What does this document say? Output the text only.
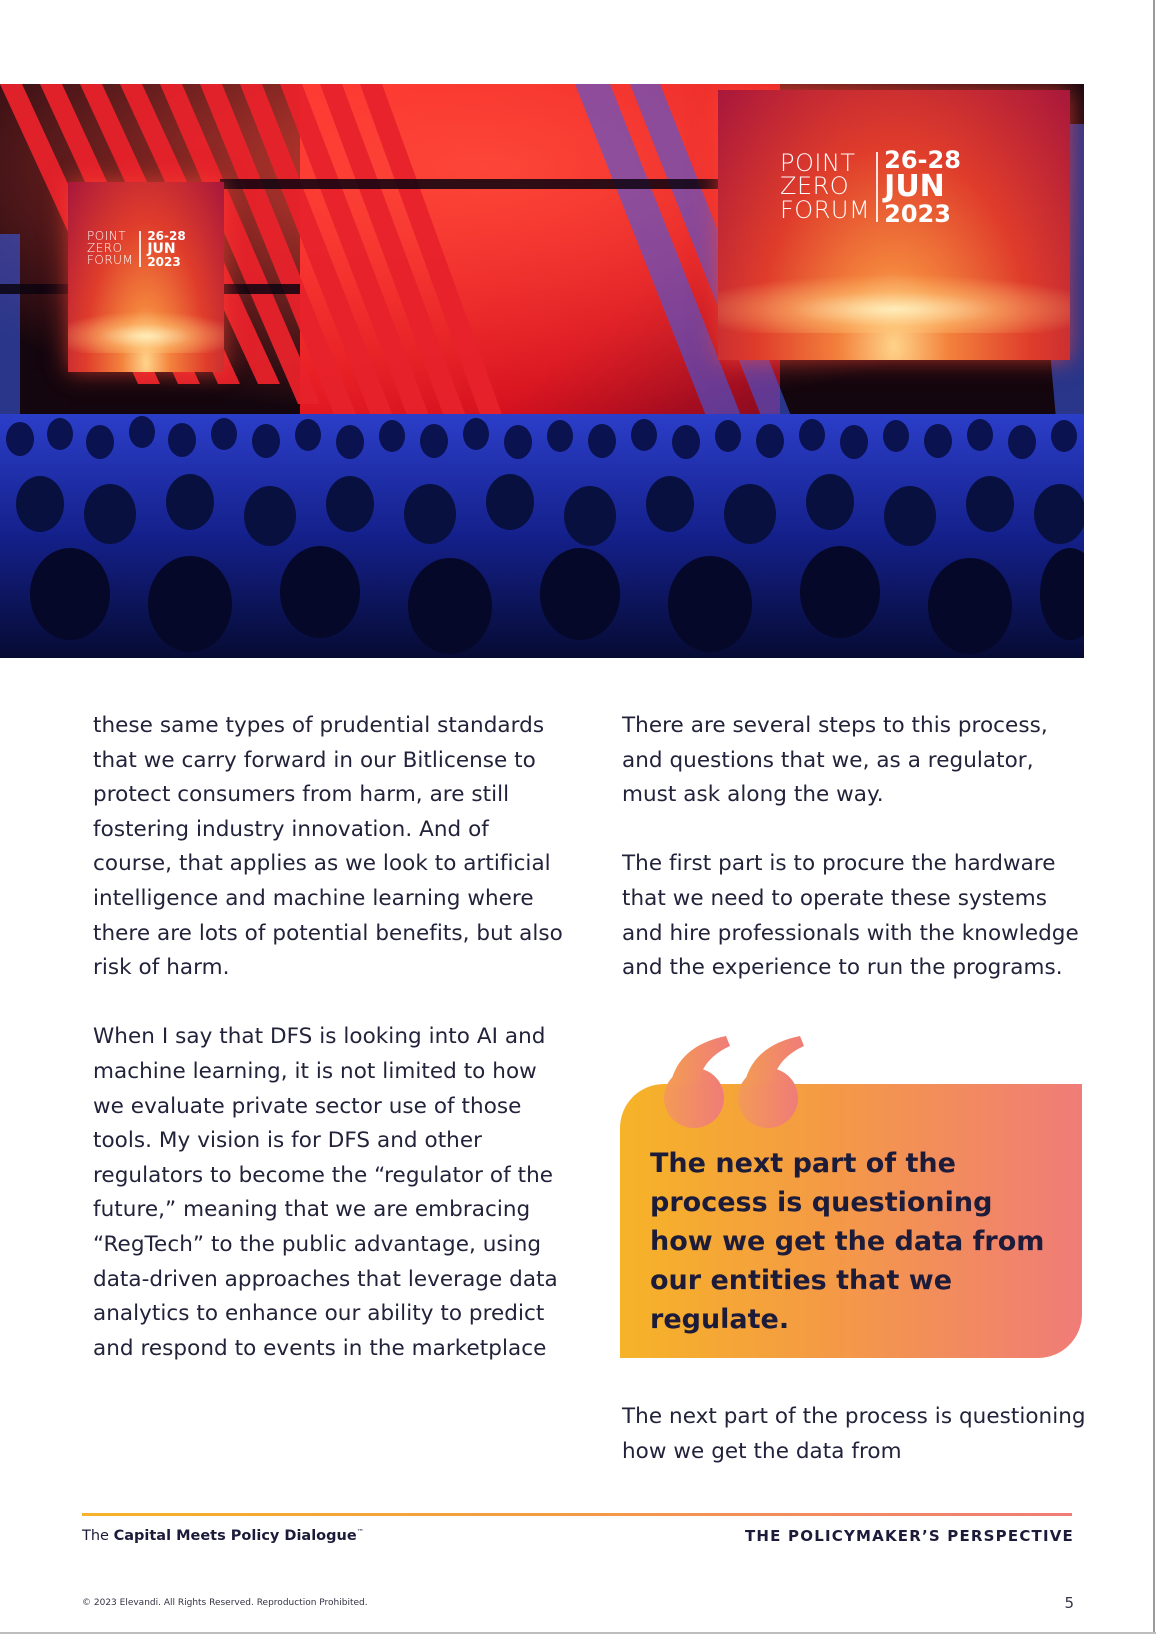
POINT
ZERO
FORUM
26-28
JUN
2023
POINT
ZERO
FORUM
26-28
JUN
2023

these same types of prudential standards that we carry forward in our Bitlicense to protect consumers from harm, are still fostering industry innovation. And of course, that applies as we look to artificial intelligence and machine learning where there are lots of potential benefits, but also risk of harm.

When I say that DFS is looking into AI and machine learning, it is not limited to how we evaluate private sector use of those tools. My vision is for DFS and other regulators to become the “regulator of the future,” meaning that we are embracing “RegTech” to the public advantage, using data-driven approaches that leverage data analytics to enhance our ability to predict and respond to events in the marketplace

There are several steps to this process, and questions that we, as a regulator, must ask along the way.

The first part is to procure the hardware that we need to operate these systems and hire professionals with the knowledge and the experience to run the programs.

The next part of the process is questioning how we get the data from our entities that we regulate.

The next part of the process is questioning how we get the data from

The Capital Meets Policy Dialogue™	THE POLICYMAKER’S PERSPECTIVE
© 2023 Elevandi. All Rights Reserved. Reproduction Prohibited.	5
